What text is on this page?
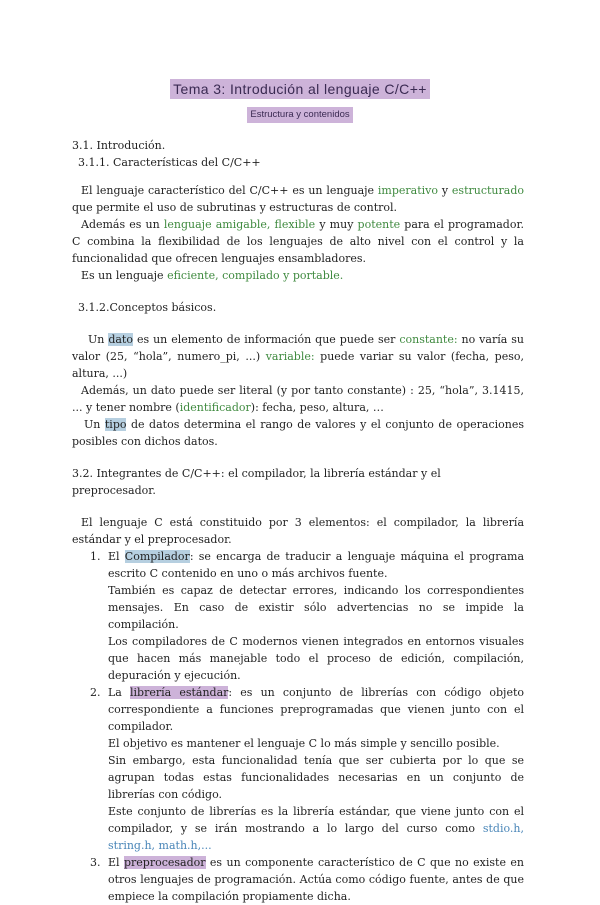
Tema 3: Introdución al lenguaje C/C++
Estructura y contenidos

3.1. Introdución.

3.1.1. Características del C/C++

El lenguaje característico del C/C++ es un lenguaje imperativo y estructurado que permite el uso de subrutinas y estructuras de control.

Además es un lenguaje amigable, flexible y muy potente para el programador. C combina la flexibilidad de los lenguajes de alto nivel con el control y la funcionalidad que ofrecen lenguajes ensambladores.

Es un lenguaje eficiente, compilado y portable.

3.1.2.Conceptos básicos.

Un dato es un elemento de información que puede ser constante: no varía su valor (25, “hola”, numero_pi, ...) variable: puede variar su valor (fecha, peso, altura, ...)

Además, un dato puede ser literal (y por tanto constante) : 25, “hola”, 3.1415, ... y tener nombre (identificador): fecha, peso, altura, …

Un tipo de datos determina el rango de valores y el conjunto de operaciones posibles con dichos datos.

3.2. Integrantes de C/C++: el compilador, la librería estándar y el preprocesador.

El lenguaje C está constituido por 3 elementos: el compilador, la librería estándar y el preprocesador.

1. El Compilador: se encarga de traducir a lenguaje máquina el programa escrito C contenido en uno o más archivos fuente.

También es capaz de detectar errores, indicando los correspondientes mensajes. En caso de existir sólo advertencias no se impide la compilación.

Los compiladores de C modernos vienen integrados en entornos visuales que hacen más manejable todo el proceso de edición, compilación, depuración y ejecución.

2. La librería estándar: es un conjunto de librerías con código objeto correspondiente a funciones preprogramadas que vienen junto con el compilador.

El objetivo es mantener el lenguaje C lo más simple y sencillo posible.

Sin embargo, esta funcionalidad tenía que ser cubierta por lo que se agrupan todas estas funcionalidades necesarias en un conjunto de librerías con código.

Este conjunto de librerías es la librería estándar, que viene junto con el compilador, y se irán mostrando a lo largo del curso como stdio.h, string.h, math.h,...

3. El preprocesador es un componente característico de C que no existe en otros lenguajes de programación. Actúa como código fuente, antes de que empiece la compilación propiamente dicha.
